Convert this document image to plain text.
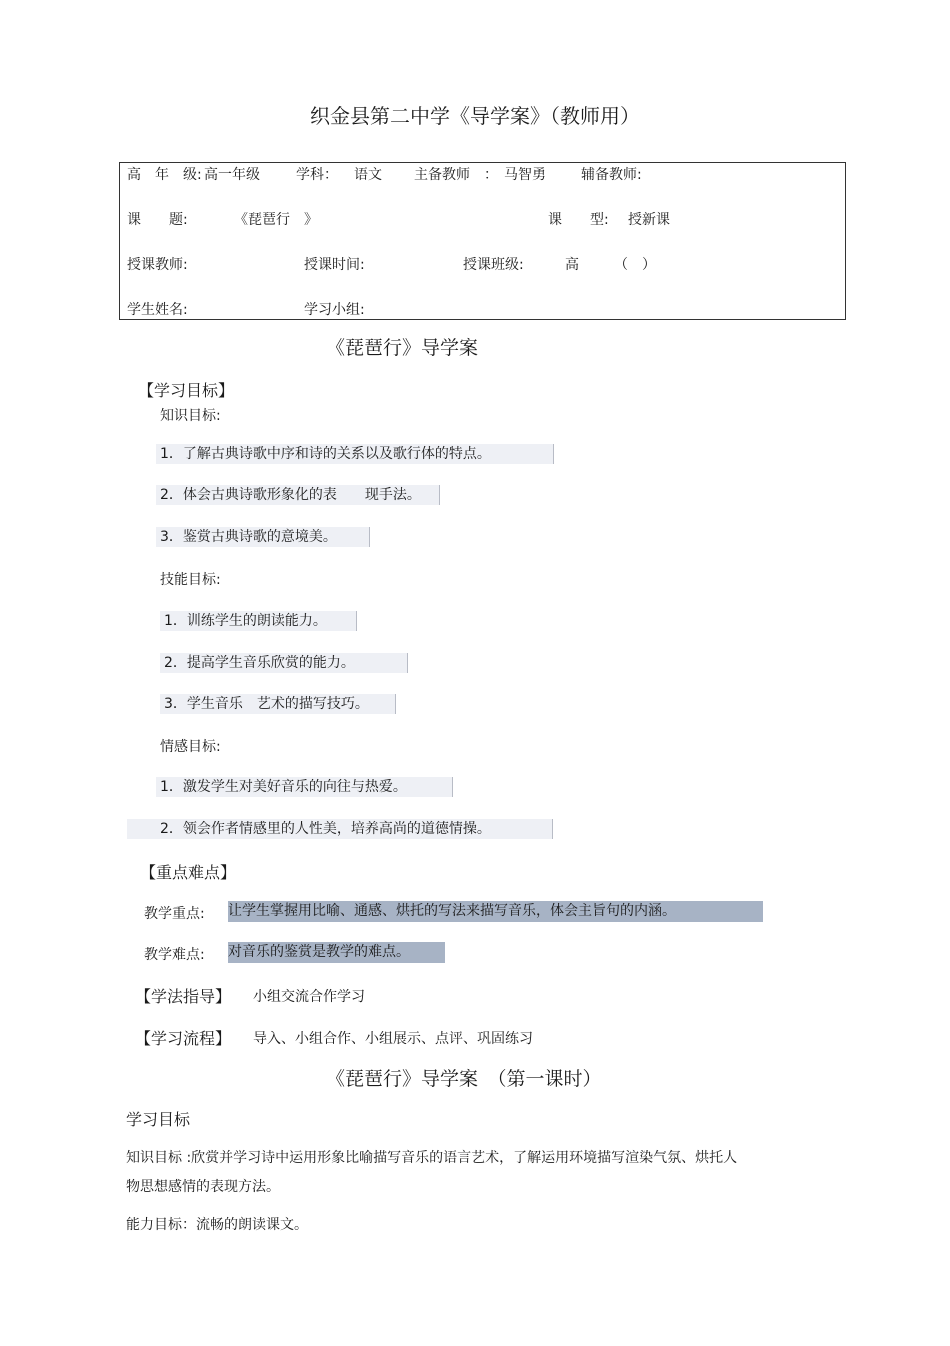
织金县第二中学《导学案》（教师用）
高　年　级: 高一年级	学科： 语文 主备教师　： 马智勇	辅备教师:
课　　题:	《琵琶行　》	课　　型: 授新课
授课教师:	授课时间:	授课班级:	高　　　（　）
学生姓名:	学习小组:
《琵琶行》导学案
【学习目标】
知识目标:
1．了解古典诗歌中序和诗的关系以及歌行体的特点。
2．体会古典诗歌形象化的表　　现手法。
3．鉴赏古典诗歌的意境美。
技能目标:
1．训练学生的朗读能力。
2．提高学生音乐欣赏的能力。
3．学生音乐　艺术的描写技巧。
情感目标:
1．激发学生对美好音乐的向往与热爱。
2．领会作者情感里的人性美，培养高尚的道德情操。
【重点难点】
教学重点: 让学生掌握用比喻、通感、烘托的写法来描写音乐，体会主旨句的内涵。
教学难点: 对音乐的鉴赏是教学的难点。
【学法指导】 小组交流合作学习
【学习流程】 导入、小组合作、小组展示、点评、巩固练习
《琵琶行》导学案　（第一课时）
学习目标
知识目标 :欣赏并学习诗中运用形象比喻描写音乐的语言艺术，了解运用环境描写渲染气氛、烘托人
物思想感情的表现方法。
能力目标：流畅的朗读课文。
